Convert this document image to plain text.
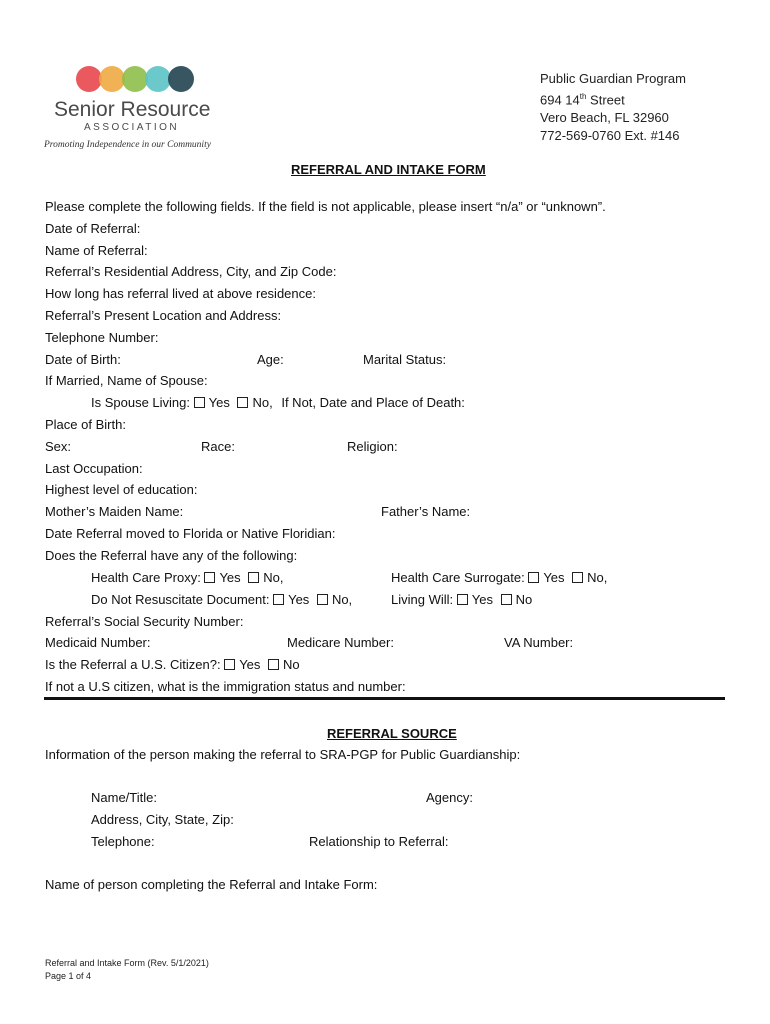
Senior Resource
ASSOCIATION
Promoting Independence in our Community
Public Guardian Program
694 14th Street
Vero Beach, FL 32960
772-569-0760 Ext. #146
REFERRAL AND INTAKE FORM
Please complete the following fields. If the field is not applicable, please insert “n/a” or “unknown”.
Date of Referral:
Name of Referral:
Referral’s Residential Address, City, and Zip Code:
How long has referral lived at above residence:
Referral’s Present Location and Address:
Telephone Number:
Date of Birth:	Age:	Marital Status:
If Married, Name of Spouse:
Is Spouse Living: Yes No, If Not, Date and Place of Death:
Place of Birth:
Sex:	Race:	Religion:
Last Occupation:
Highest level of education:
Mother’s Maiden Name:	Father’s Name:
Date Referral moved to Florida or Native Floridian:
Does the Referral have any of the following:
Health Care Proxy: Yes No,	Health Care Surrogate: Yes No,
Do Not Resuscitate Document: Yes No,	Living Will: Yes No
Referral’s Social Security Number:
Medicaid Number:	Medicare Number:	VA Number:
Is the Referral a U.S. Citizen?: Yes No
If not a U.S citizen, what is the immigration status and number:
REFERRAL SOURCE
Information of the person making the referral to SRA-PGP for Public Guardianship:
Name/Title:	Agency:
Address, City, State, Zip:
Telephone:	Relationship to Referral:
Name of person completing the Referral and Intake Form:
Referral and Intake Form (Rev. 5/1/2021)
Page 1 of 4
